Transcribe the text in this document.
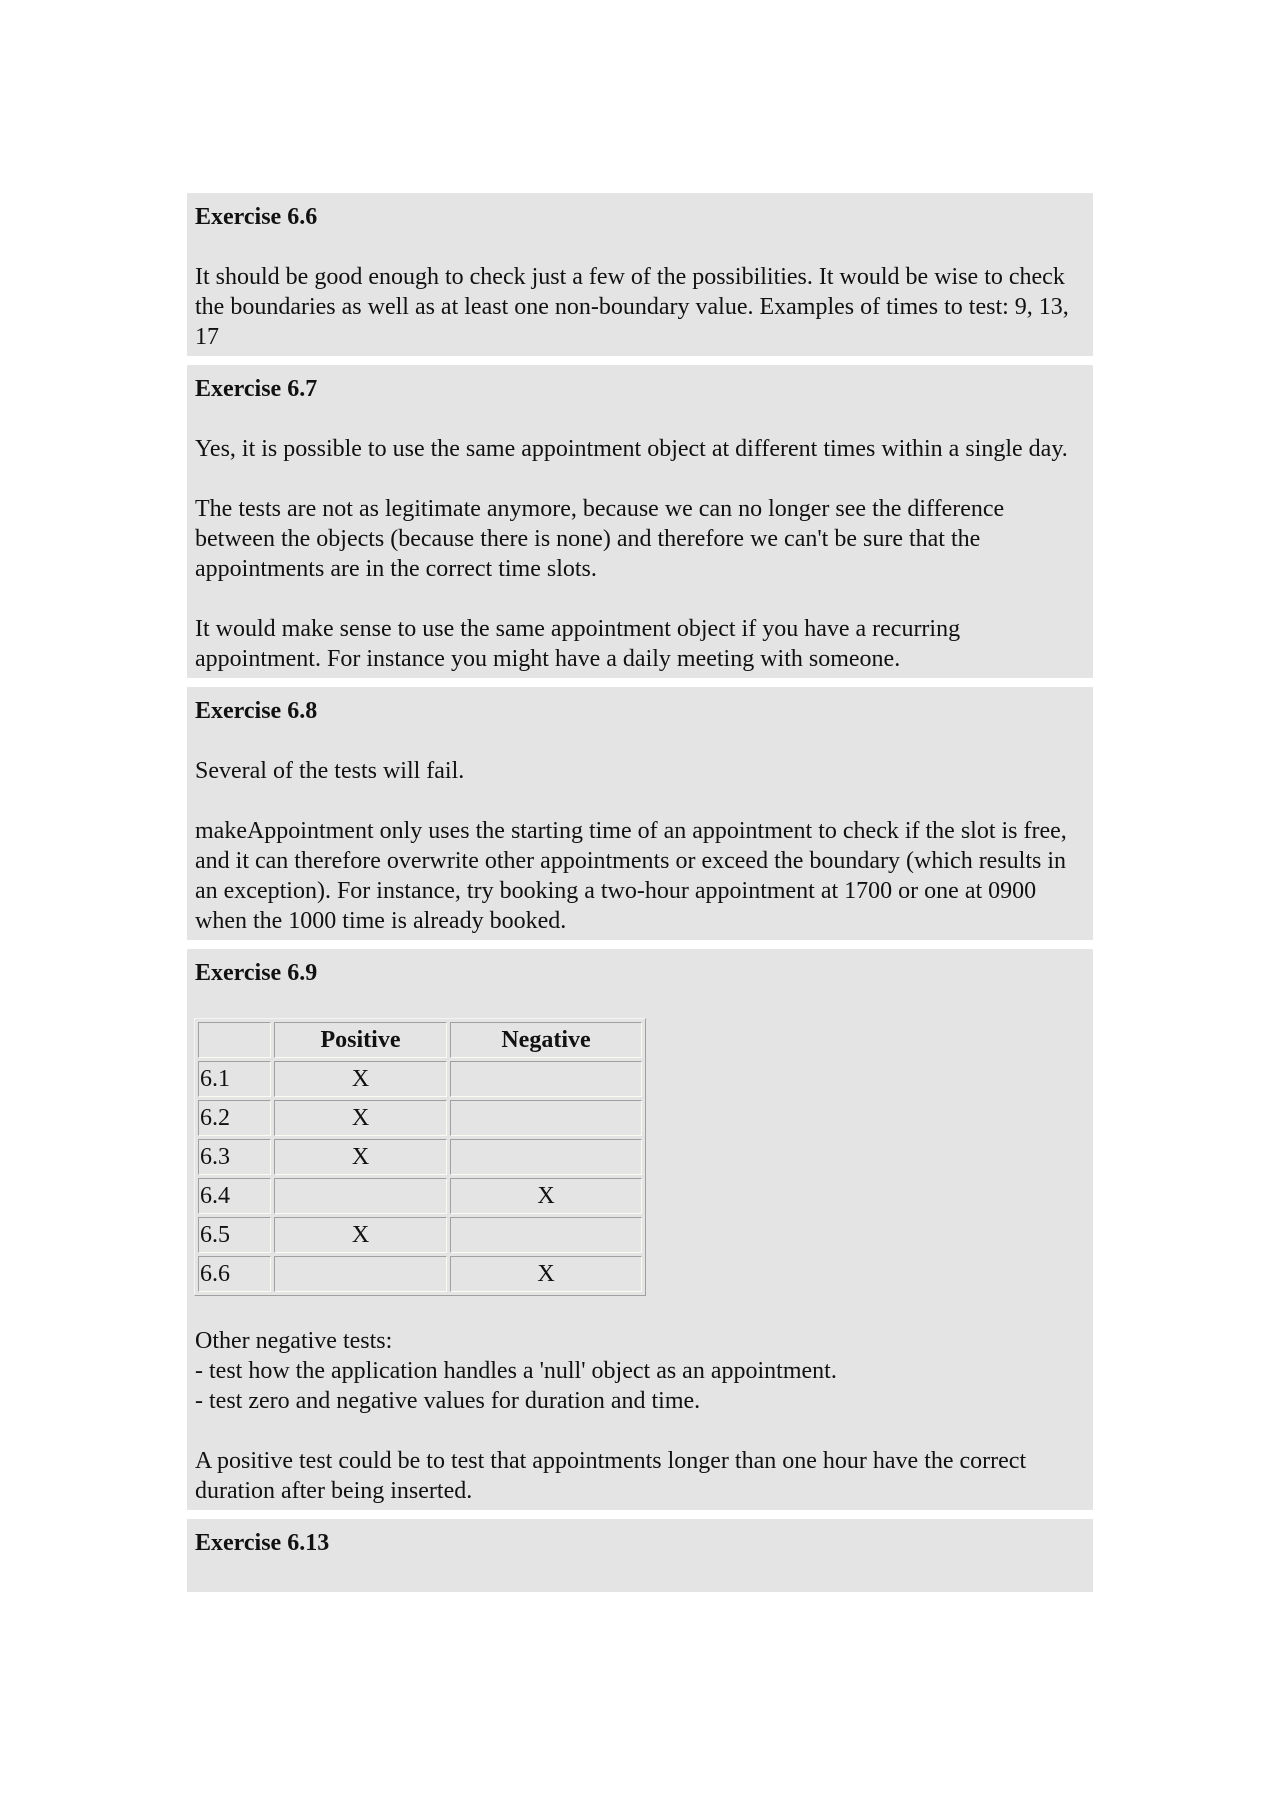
Exercise 6.6

It should be good enough to check just a few of the possibilities. It would be wise to check the boundaries as well as at least one non-boundary value. Examples of times to test: 9, 13, 17

Exercise 6.7

Yes, it is possible to use the same appointment object at different times within a single day.

The tests are not as legitimate anymore, because we can no longer see the difference between the objects (because there is none) and therefore we can't be sure that the appointments are in the correct time slots.

It would make sense to use the same appointment object if you have a recurring appointment. For instance you might have a daily meeting with someone.

Exercise 6.8

Several of the tests will fail.

makeAppointment only uses the starting time of an appointment to check if the slot is free, and it can therefore overwrite other appointments or exceed the boundary (which results in an exception). For instance, try booking a two-hour appointment at 1700 or one at 0900 when the 1000 time is already booked.

Exercise 6.9
	Positive	Negative
6.1	X	
6.2	X	
6.3	X	
6.4		X
6.5	X	
6.6		X

Other negative tests:
- test how the application handles a 'null' object as an appointment.
- test zero and negative values for duration and time.

A positive test could be to test that appointments longer than one hour have the correct duration after being inserted.

Exercise 6.13
